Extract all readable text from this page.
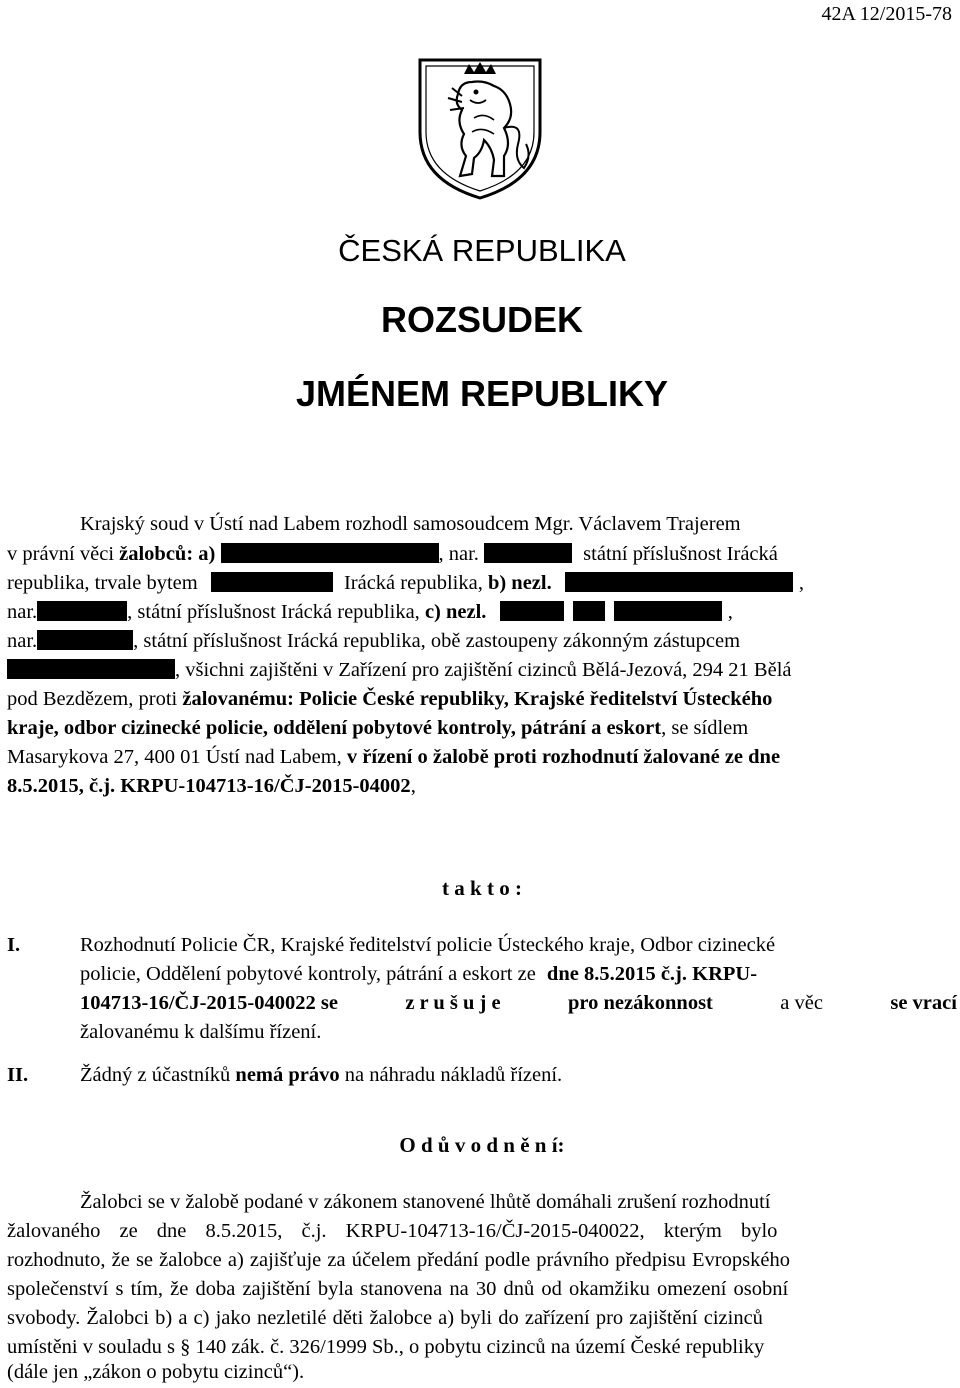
42A 12/2015-78
ČESKÁ REPUBLIKA
ROZSUDEK
JMÉNEM REPUBLIKY
Krajský soud v Ústí nad Labem rozhodl samosoudcem Mgr. Václavem Trajerem
v právní věci žalobců: a)	, nar.	státní příslušnost Irácká
republika, trvale bytem	Irácká republika, b) nezl.	,
nar.	, státní příslušnost Irácká republika, c) nezl.	,
nar.	, státní příslušnost Irácká republika, obě zastoupeny zákonným zástupcem
, všichni zajištěni v Zařízení pro zajištění cizinců Bělá-Jezová, 294 21 Bělá
pod Bezdězem, proti žalovanému: Policie České republiky, Krajské ředitelství Ústeckého
kraje, odbor cizinecké policie, oddělení pobytové kontroly, pátrání a eskort, se sídlem
Masarykova 27, 400 01 Ústí nad Labem, v řízení o žalobě proti rozhodnutí žalované ze dne
8.5.2015, č.j. KRPU-104713-16/ČJ-2015-04002,
t a k t o :
I.	Rozhodnutí Policie ČR, Krajské ředitelství policie Ústeckého kraje, Odbor cizinecké
policie, Oddělení pobytové kontroly, pátrání a eskort ze dne 8.5.2015 č.j. KRPU-
104713-16/ČJ-2015-040022 se	z r u š u j e	pro nezákonnost	a věc	se vrací
žalovanému k dalšímu řízení.
II.	Žádný z účastníků nemá právo na náhradu nákladů řízení.
O d ů v o d n ě n í:
Žalobci se v žalobě podané v zákonem stanovené lhůtě domáhali zrušení rozhodnutí
žalovaného ze dne 8.5.2015, č.j. KRPU-104713-16/ČJ-2015-040022, kterým bylo
rozhodnuto, že se žalobce a) zajišťuje za účelem předání podle právního předpisu Evropského
společenství s tím, že doba zajištění byla stanovena na 30 dnů od okamžiku omezení osobní
svobody. Žalobci b) a c) jako nezletilé děti žalobce a) byli do zařízení pro zajištění cizinců
umístěni v souladu s § 140 zák. č. 326/1999 Sb., o pobytu cizinců na území České republiky
(dále jen „zákon o pobytu cizinců“).
